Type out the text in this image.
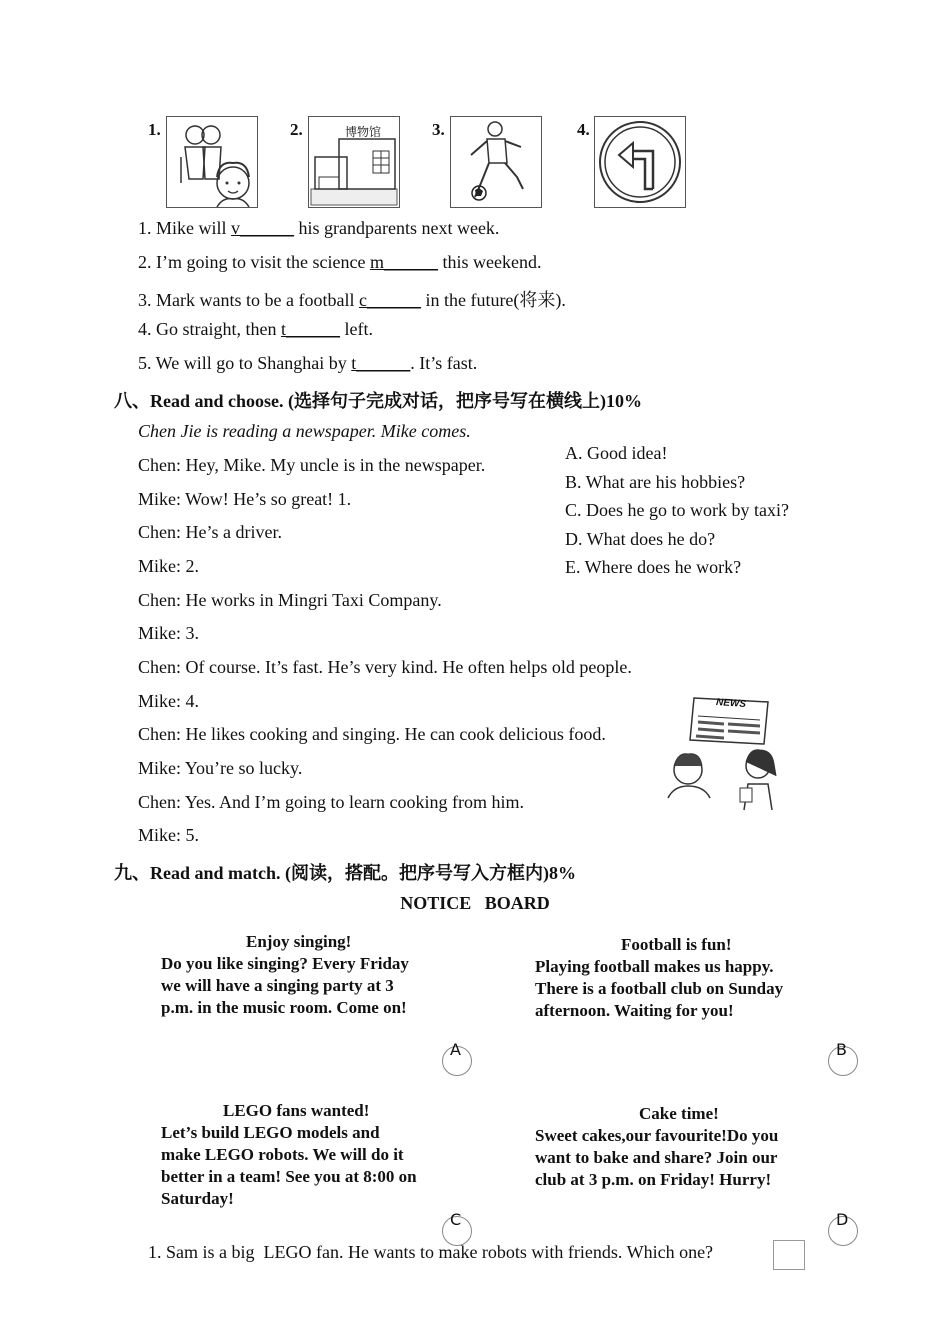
1.	2.	博物馆	3.	4.
1. Mike will v______ his grandparents next week.
2. I’m going to visit the science m______ this weekend.
3. Mark wants to be a football c______ in the future(将来).
4. Go straight, then t______ left.
5. We will go to Shanghai by t______. It’s fast.
八、Read and choose. (选择句子完成对话，把序号写在横线上)10%
Chen Jie is reading a newspaper. Mike comes.
Chen: Hey, Mike. My uncle is in the newspaper.
Mike: Wow! He’s so great! 1.
Chen: He’s a driver.
Mike: 2.
Chen: He works in Mingri Taxi Company.
Mike: 3.
Chen: Of course. It’s fast. He’s very kind. He often helps old people.
Mike: 4.
Chen: He likes cooking and singing. He can cook delicious food.
Mike: You’re so lucky.
Chen: Yes. And I’m going to learn cooking from him.
Mike: 5.
A. Good idea!
B. What are his hobbies?
C. Does he go to work by taxi?
D. What does he do?
E. Where does he work?
NEWS
九、Read and match. (阅读，搭配。把序号写入方框内)8%
NOTICE   BOARD
Enjoy singing!
Do you like singing? Every Friday
we will have a singing party at 3
p.m. in the music room. Come on!
A
Football is fun!
Playing football makes us happy.
There is a football club on Sunday
afternoon. Waiting for you!
B
LEGO fans wanted!
Let’s build LEGO models and
make LEGO robots. We will do it
better in a team! See you at 8:00 on
Saturday!
C
Cake time!
Sweet cakes,our favourite!Do you
want to bake and share? Join our
club at 3 p.m. on Friday! Hurry!
D
1. Sam is a big  LEGO fan. He wants to make robots with friends. Which one?
